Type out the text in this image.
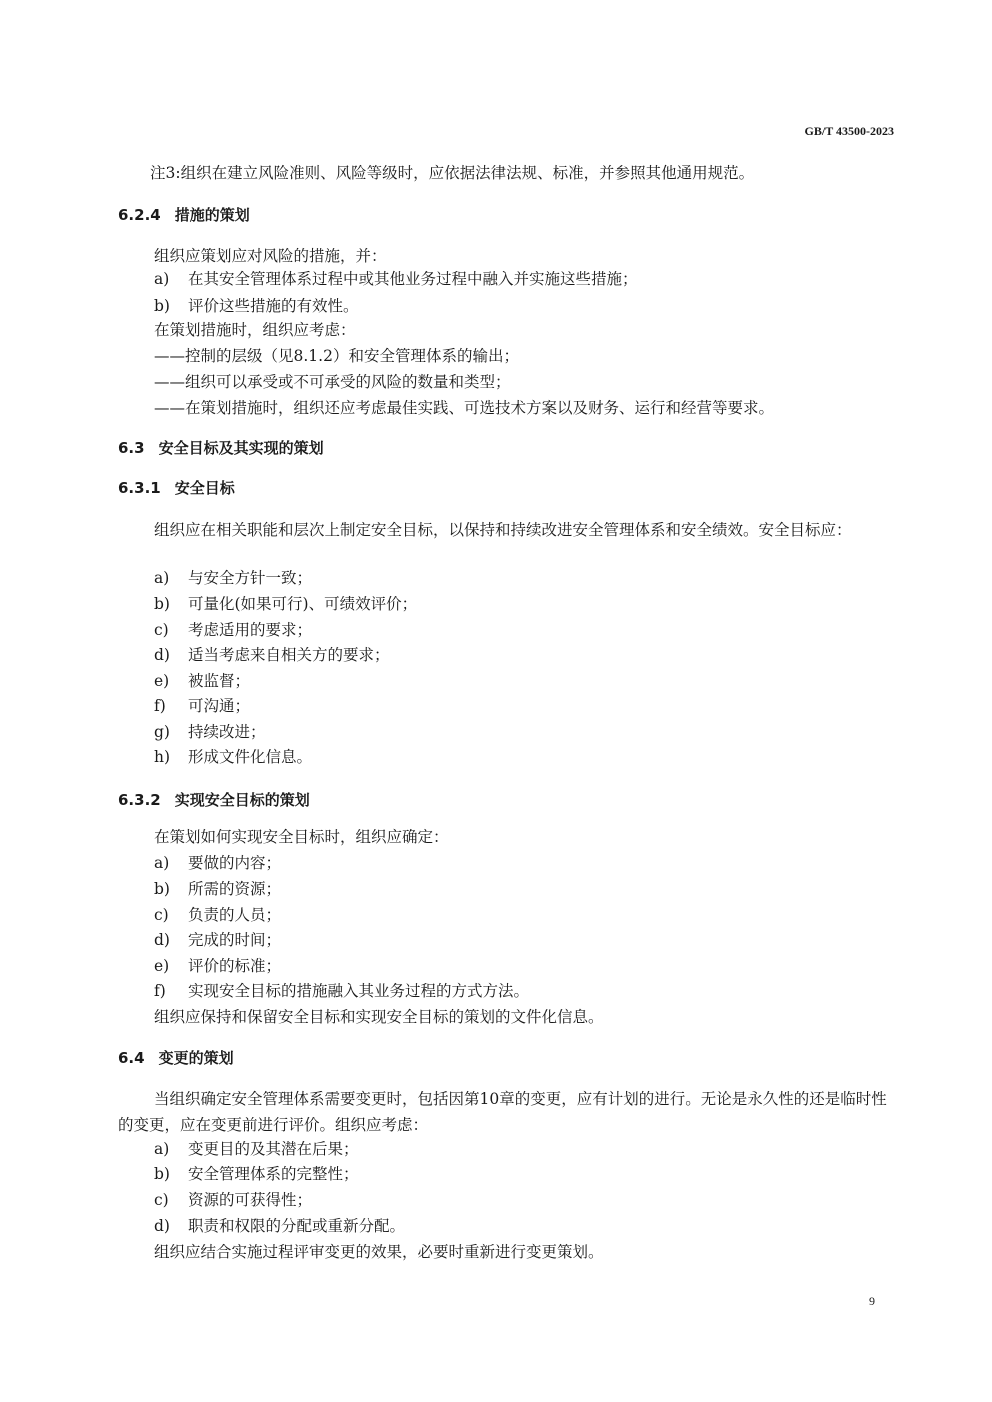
GB/T 43500-2023
注3:组织在建立风险准则、风险等级时，应依据法律法规、标准，并参照其他通用规范。
6.2.4 措施的策划
组织应策划应对风险的措施，并：
a) 在其安全管理体系过程中或其他业务过程中融入并实施这些措施；
b) 评价这些措施的有效性。
在策划措施时，组织应考虑：
——控制的层级（见8.1.2）和安全管理体系的输出；
——组织可以承受或不可承受的风险的数量和类型；
——在策划措施时，组织还应考虑最佳实践、可选技术方案以及财务、运行和经营等要求。
6.3 安全目标及其实现的策划
6.3.1 安全目标
组织应在相关职能和层次上制定安全目标，以保持和持续改进安全管理体系和安全绩效。安全目标应：
a) 与安全方针一致；
b) 可量化(如果可行)、可绩效评价；
c) 考虑适用的要求；
d) 适当考虑来自相关方的要求；
e) 被监督；
f) 可沟通；
g) 持续改进；
h) 形成文件化信息。
6.3.2 实现安全目标的策划
在策划如何实现安全目标时，组织应确定：
a) 要做的内容；
b) 所需的资源；
c) 负责的人员；
d) 完成的时间；
e) 评价的标准；
f) 实现安全目标的措施融入其业务过程的方式方法。
组织应保持和保留安全目标和实现安全目标的策划的文件化信息。
6.4 变更的策划
当组织确定安全管理体系需要变更时，包括因第10章的变更，应有计划的进行。无论是永久性的还是临时性的变更，应在变更前进行评价。组织应考虑：
a) 变更目的及其潜在后果；
b) 安全管理体系的完整性；
c) 资源的可获得性；
d) 职责和权限的分配或重新分配。
组织应结合实施过程评审变更的效果，必要时重新进行变更策划。
9
